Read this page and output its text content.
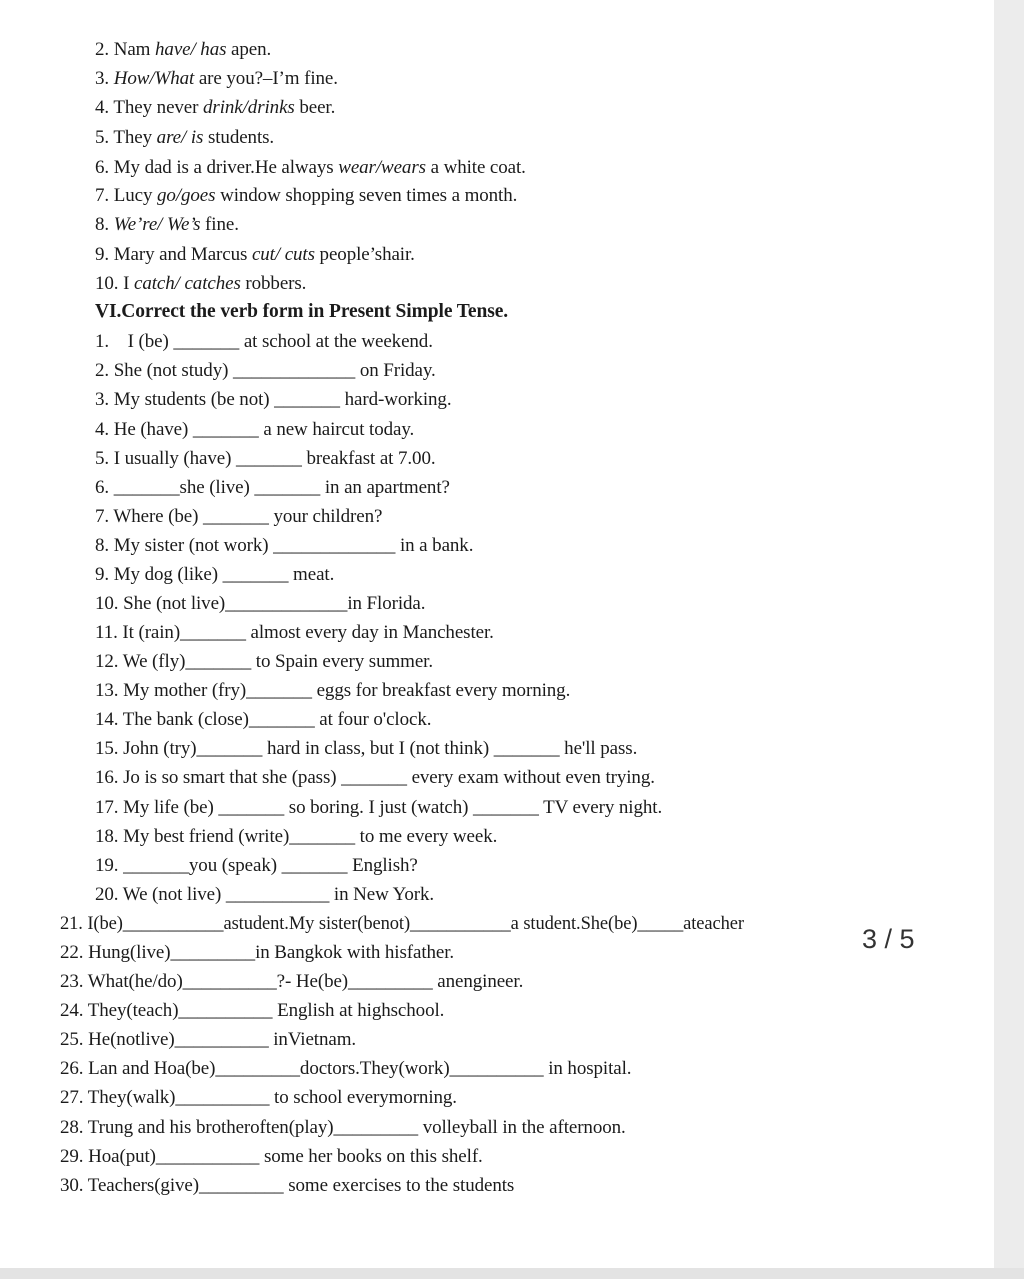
2. Nam have/ has apen.
3. How/What are you?–I’m fine.
4. They never drink/drinks beer.
5. They are/ is students.
6. My dad is a driver.He always wear/wears a white coat.
7. Lucy go/goes window shopping seven times a month.
8. We’re/ We’s fine.
9. Mary and Marcus cut/ cuts people’shair.
10. I catch/ catches robbers.
VI.Correct the verb form in Present Simple Tense.
1.    I (be) _______ at school at the weekend.
2. She (not study) _____________ on Friday.
3. My students (be not) _______ hard-working.
4. He (have) _______ a new haircut today.
5. I usually (have) _______ breakfast at 7.00.
6. _______she (live) _______ in an apartment?
7. Where (be) _______ your children?
8. My sister (not work) _____________ in a bank.
9. My dog (like) _______ meat.
10. She (not live)_____________in Florida.
11. It (rain)_______ almost every day in Manchester.
12. We (fly)_______ to Spain every summer.
13. My mother (fry)_______ eggs for breakfast every morning.
14. The bank (close)_______ at four o'clock.
15. John (try)_______ hard in class, but I (not think) _______ he'll pass.
16. Jo is so smart that she (pass) _______ every exam without even trying.
17. My life (be) _______ so boring. I just (watch) _______ TV every night.
18. My best friend (write)_______ to me every week.
19. _______you (speak) _______ English?
20. We (not live) ___________ in New York.
21. I(be)___________astudent.My sister(benot)___________a student.She(be)_____ateacher
22. Hung(live)_________in Bangkok with hisfather.
23. What(he/do)__________?- He(be)_________ anengineer.
24. They(teach)__________ English at highschool.
25. He(notlive)__________ inVietnam.
26. Lan and Hoa(be)_________doctors.They(work)__________ in hospital.
27. They(walk)__________ to school everymorning.
28. Trung and his brotheroften(play)_________ volleyball in the afternoon.
29. Hoa(put)___________ some her books on this shelf.
30. Teachers(give)_________ some exercises to the students
3 / 5
